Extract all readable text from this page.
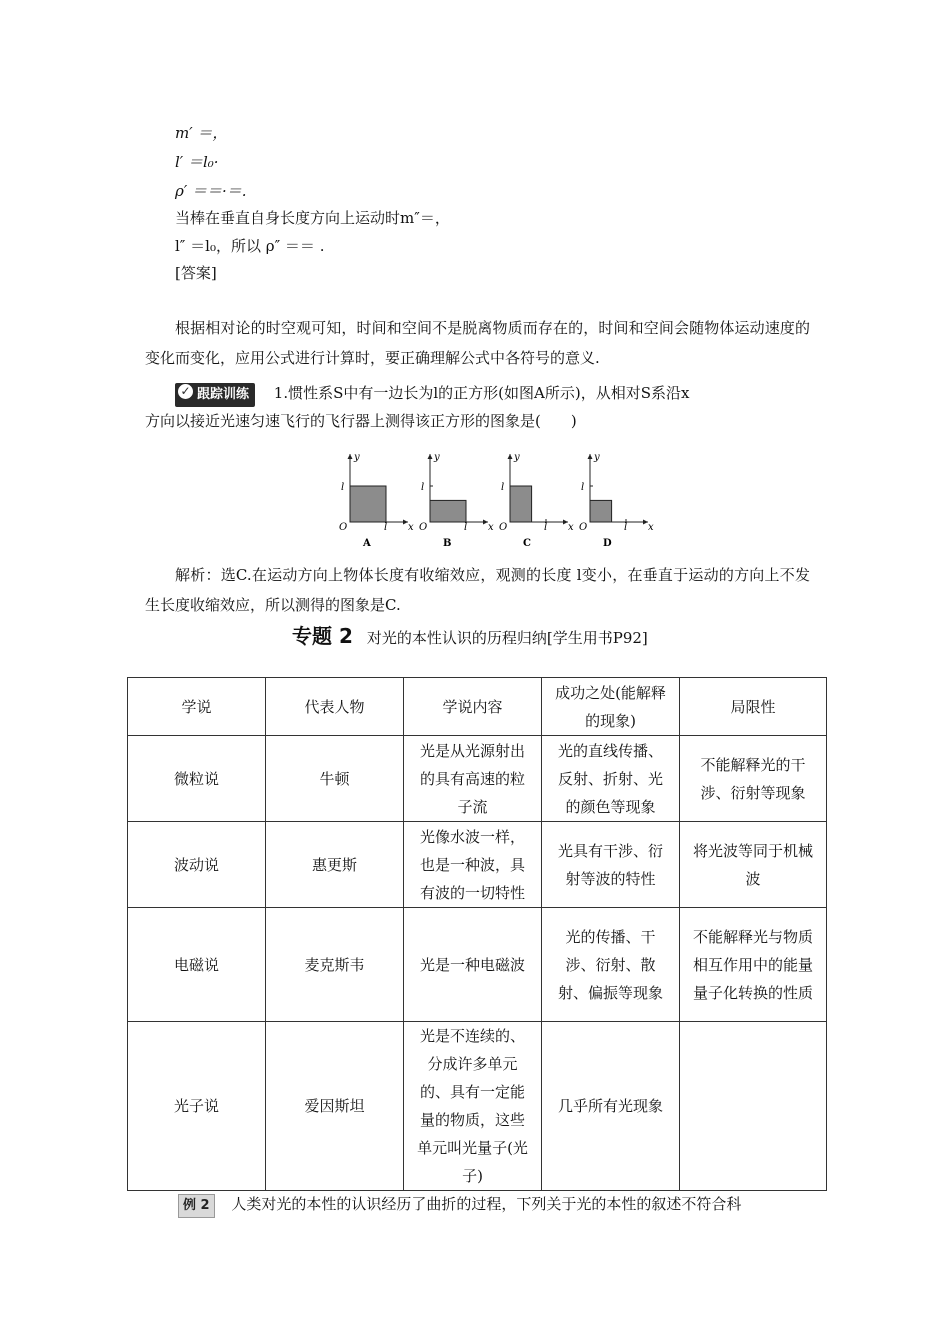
m′ ＝，
l′ ＝l₀·
ρ′ ＝＝·＝.
当棒在垂直自身长度方向上运动时m″＝，
l″ ＝l₀，所以 ρ″ ＝＝ .
[答案]
根据相对论的时空观可知，时间和空间不是脱离物质而存在的，时间和空间会随物体运动速度的变化而变化，应用公式进行计算时，要正确理解公式中各符号的意义.
✓ 跟踪训练 1.惯性系S中有一边长为l的正方形(如图A所示)，从相对S系沿x
方向以接近光速匀速飞行的飞行器上测得该正方形的图象是(　　)
y
l
O	l x
A
y
l
O	l x
B
y
l
O	l x
C
y
l
O	l x
D
解析：选C.在运动方向上物体长度有收缩效应，观测的长度 l变小，在垂直于运动的方向上不发生长度收缩效应，所以测得的图象是C.
专题 2 对光的本性认识的历程归纳[学生用书P92]
学说	代表人物	学说内容	成功之处(能解释的现象)	局限性
微粒说	牛顿	光是从光源射出的具有高速的粒子流	光的直线传播、反射、折射、光的颜色等现象	不能解释光的干涉、衍射等现象
波动说	惠更斯	光像水波一样，也是一种波，具有波的一切特性	光具有干涉、衍射等波的特性	将光波等同于机械波
电磁说	麦克斯韦	光是一种电磁波	光的传播、干涉、衍射、散射、偏振等现象	不能解释光与物质相互作用中的能量量子化转换的性质
光子说	爱因斯坦	光是不连续的、分成许多单元的、具有一定能量的物质，这些单元叫光量子(光子)	几乎所有光现象	
例 2 人类对光的本性的认识经历了曲折的过程，下列关于光的本性的叙述不符合科
